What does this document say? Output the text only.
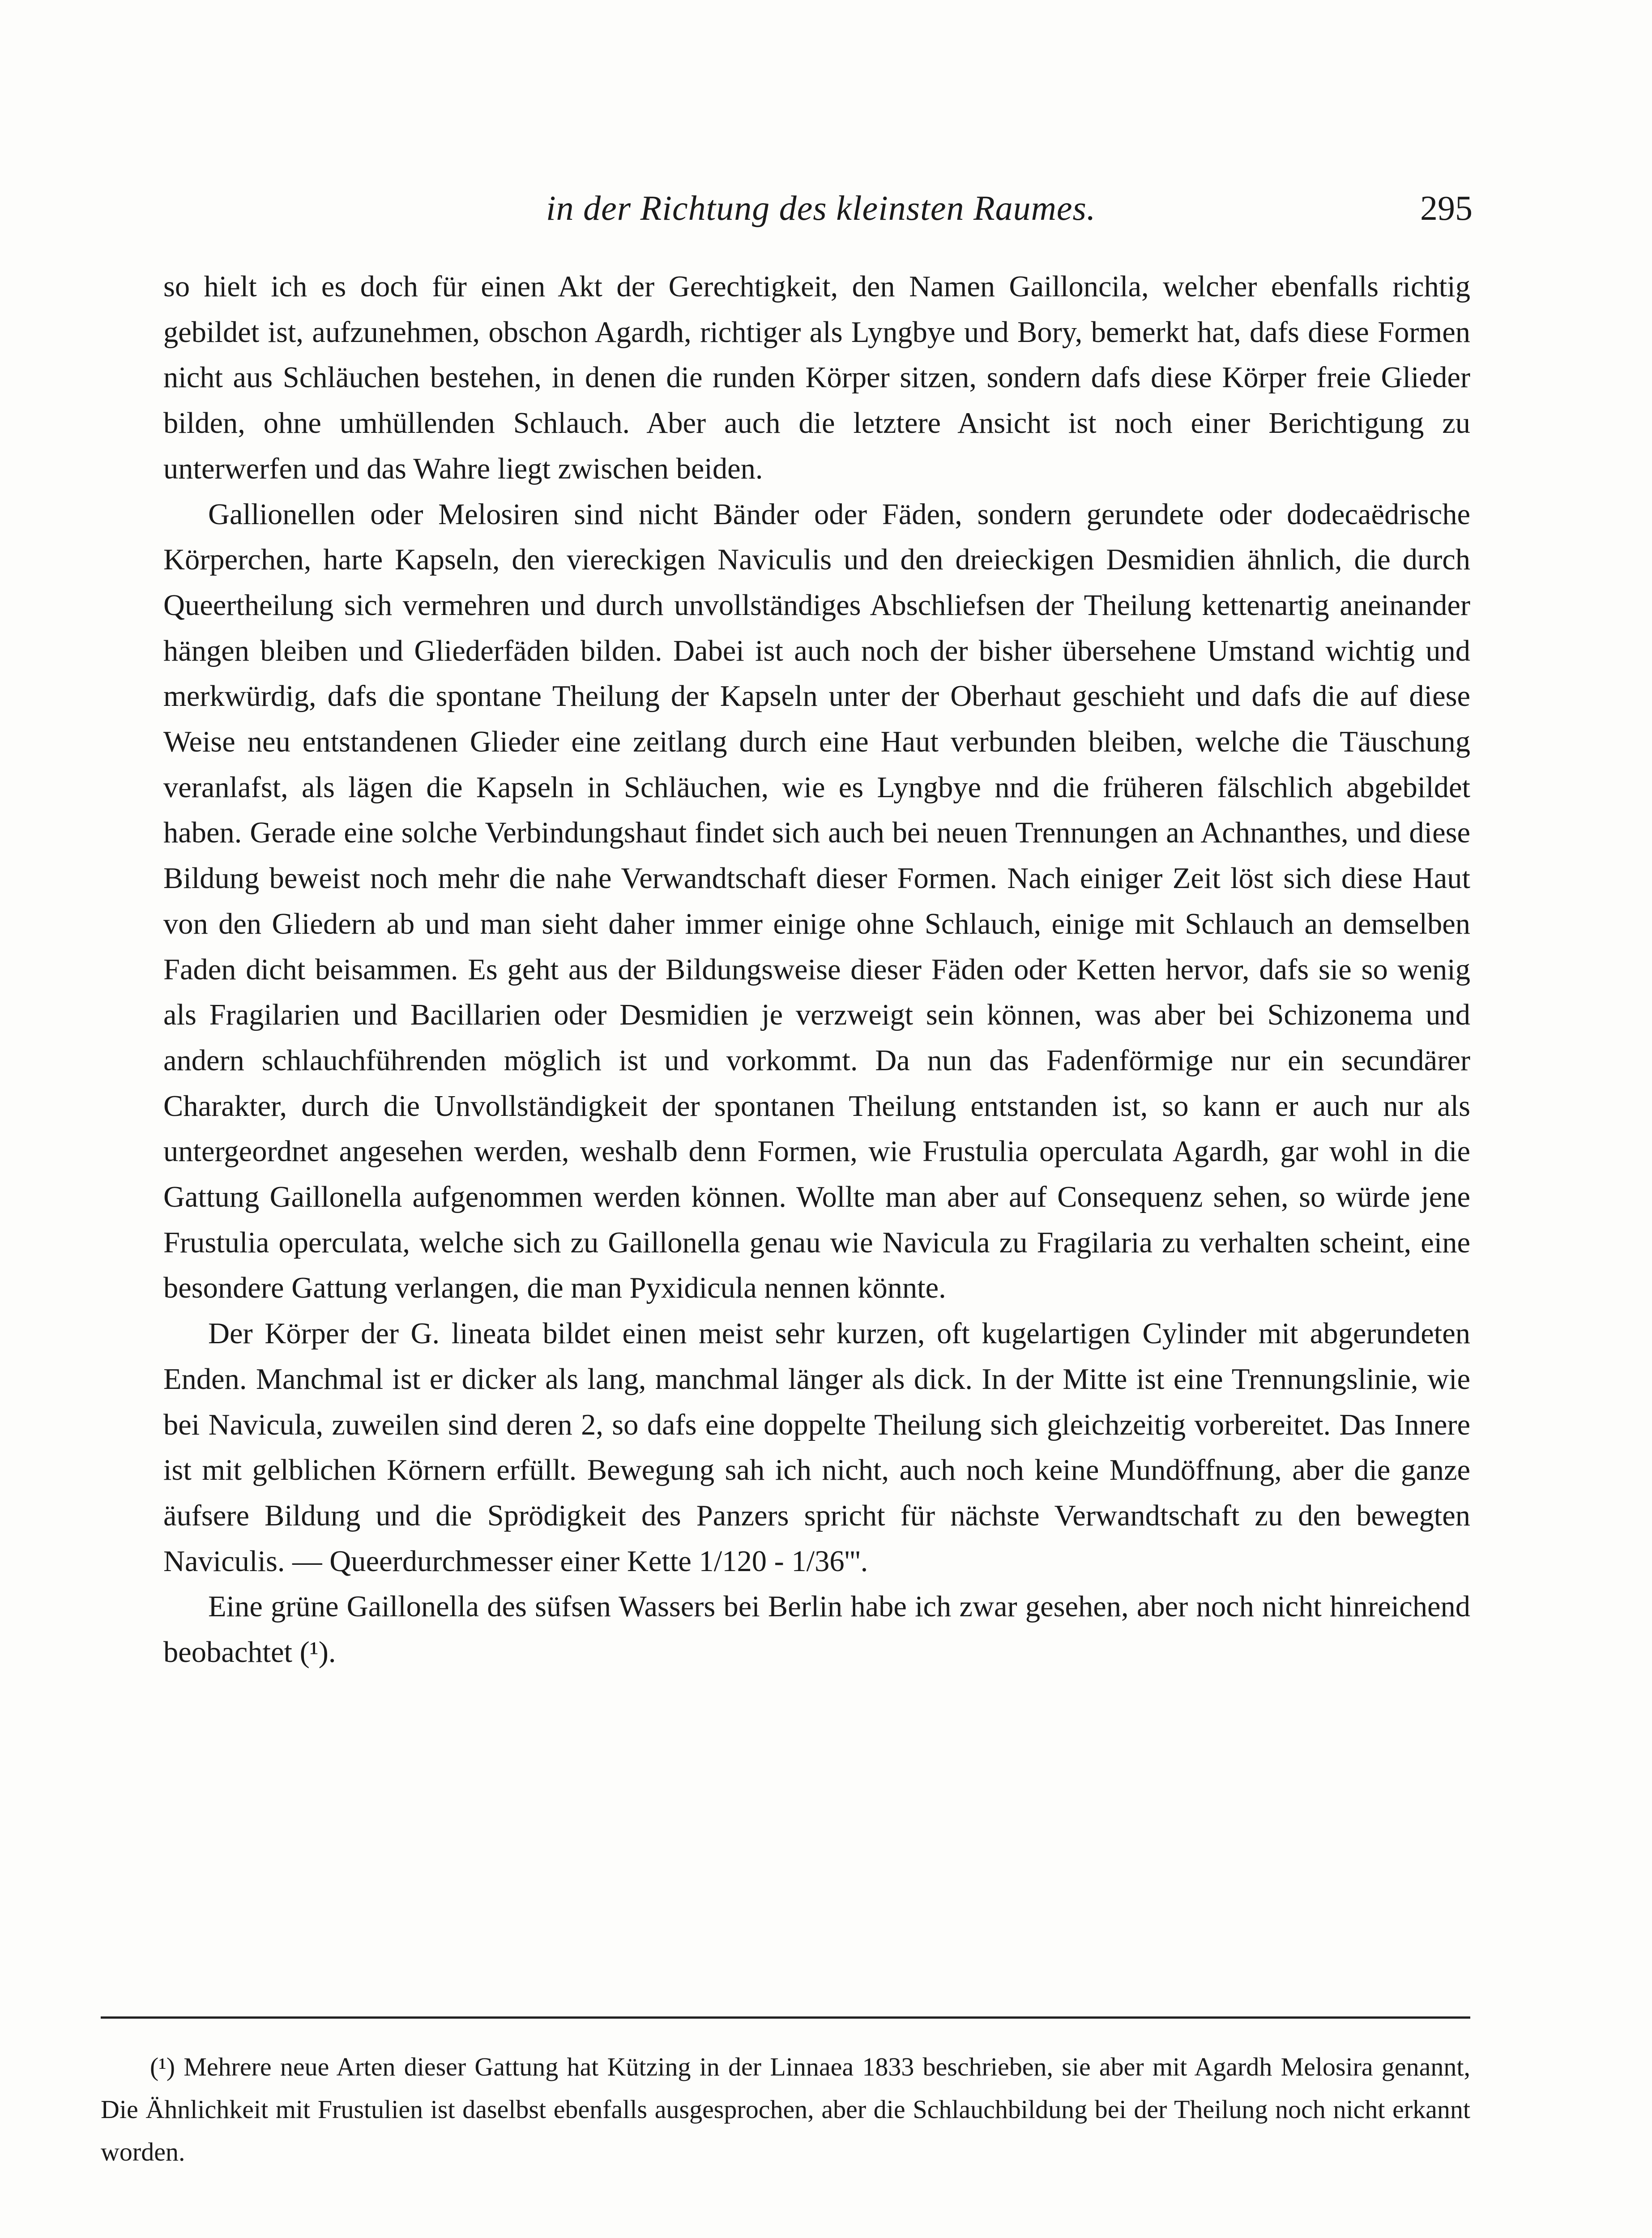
in der Richtung des kleinsten Raumes.	295

so hielt ich es doch für einen Akt der Gerechtigkeit, den Namen Gailloncila, welcher ebenfalls richtig gebildet ist, aufzunehmen, obschon Agardh, richtiger als Lyngbye und Bory, bemerkt hat, dafs diese Formen nicht aus Schläuchen bestehen, in denen die runden Körper sitzen, sondern dafs diese Körper freie Glieder bilden, ohne umhüllenden Schlauch. Aber auch die letztere Ansicht ist noch einer Berichtigung zu unterwerfen und das Wahre liegt zwischen beiden.

Gallionellen oder Melosiren sind nicht Bänder oder Fäden, sondern gerundete oder dodecaëdrische Körperchen, harte Kapseln, den viereckigen Naviculis und den dreieckigen Desmidien ähnlich, die durch Queertheilung sich vermehren und durch unvollständiges Abschliefsen der Theilung kettenartig aneinander hängen bleiben und Gliederfäden bilden. Dabei ist auch noch der bisher übersehene Umstand wichtig und merkwürdig, dafs die spontane Theilung der Kapseln unter der Oberhaut geschieht und dafs die auf diese Weise neu entstandenen Glieder eine zeitlang durch eine Haut verbunden bleiben, welche die Täuschung veranlafst, als lägen die Kapseln in Schläuchen, wie es Lyngbye nnd die früheren fälschlich abgebildet haben. Gerade eine solche Verbindungshaut findet sich auch bei neuen Trennungen an Achnanthes, und diese Bildung beweist noch mehr die nahe Verwandtschaft dieser Formen. Nach einiger Zeit löst sich diese Haut von den Gliedern ab und man sieht daher immer einige ohne Schlauch, einige mit Schlauch an demselben Faden dicht beisammen. Es geht aus der Bildungsweise dieser Fäden oder Ketten hervor, dafs sie so wenig als Fragilarien und Bacillarien oder Desmidien je verzweigt sein können, was aber bei Schizonema und andern schlauchführenden möglich ist und vorkommt. Da nun das Fadenförmige nur ein secundärer Charakter, durch die Unvollständigkeit der spontanen Theilung entstanden ist, so kann er auch nur als untergeordnet angesehen werden, weshalb denn Formen, wie Frustulia operculata Agardh, gar wohl in die Gattung Gaillonella aufgenommen werden können. Wollte man aber auf Consequenz sehen, so würde jene Frustulia operculata, welche sich zu Gaillonella genau wie Navicula zu Fragilaria zu verhalten scheint, eine besondere Gattung verlangen, die man Pyxidicula nennen könnte.

Der Körper der G. lineata bildet einen meist sehr kurzen, oft kugelartigen Cylinder mit abgerundeten Enden. Manchmal ist er dicker als lang, manchmal länger als dick. In der Mitte ist eine Trennungslinie, wie bei Navicula, zuweilen sind deren 2, so dafs eine doppelte Theilung sich gleichzeitig vorbereitet. Das Innere ist mit gelblichen Körnern erfüllt. Bewegung sah ich nicht, auch noch keine Mundöffnung, aber die ganze äufsere Bildung und die Sprödigkeit des Panzers spricht für nächste Verwandtschaft zu den bewegten Naviculis. — Queerdurchmesser einer Kette 1/120 - 1/36'''.

Eine grüne Gaillonella des süfsen Wassers bei Berlin habe ich zwar gesehen, aber noch nicht hinreichend beobachtet (¹).

(¹) Mehrere neue Arten dieser Gattung hat Kützing in der Linnaea 1833 beschrieben, sie aber mit Agardh Melosira genannt, Die Ähnlichkeit mit Frustulien ist daselbst ebenfalls ausgesprochen, aber die Schlauchbildung bei der Theilung noch nicht erkannt worden.
